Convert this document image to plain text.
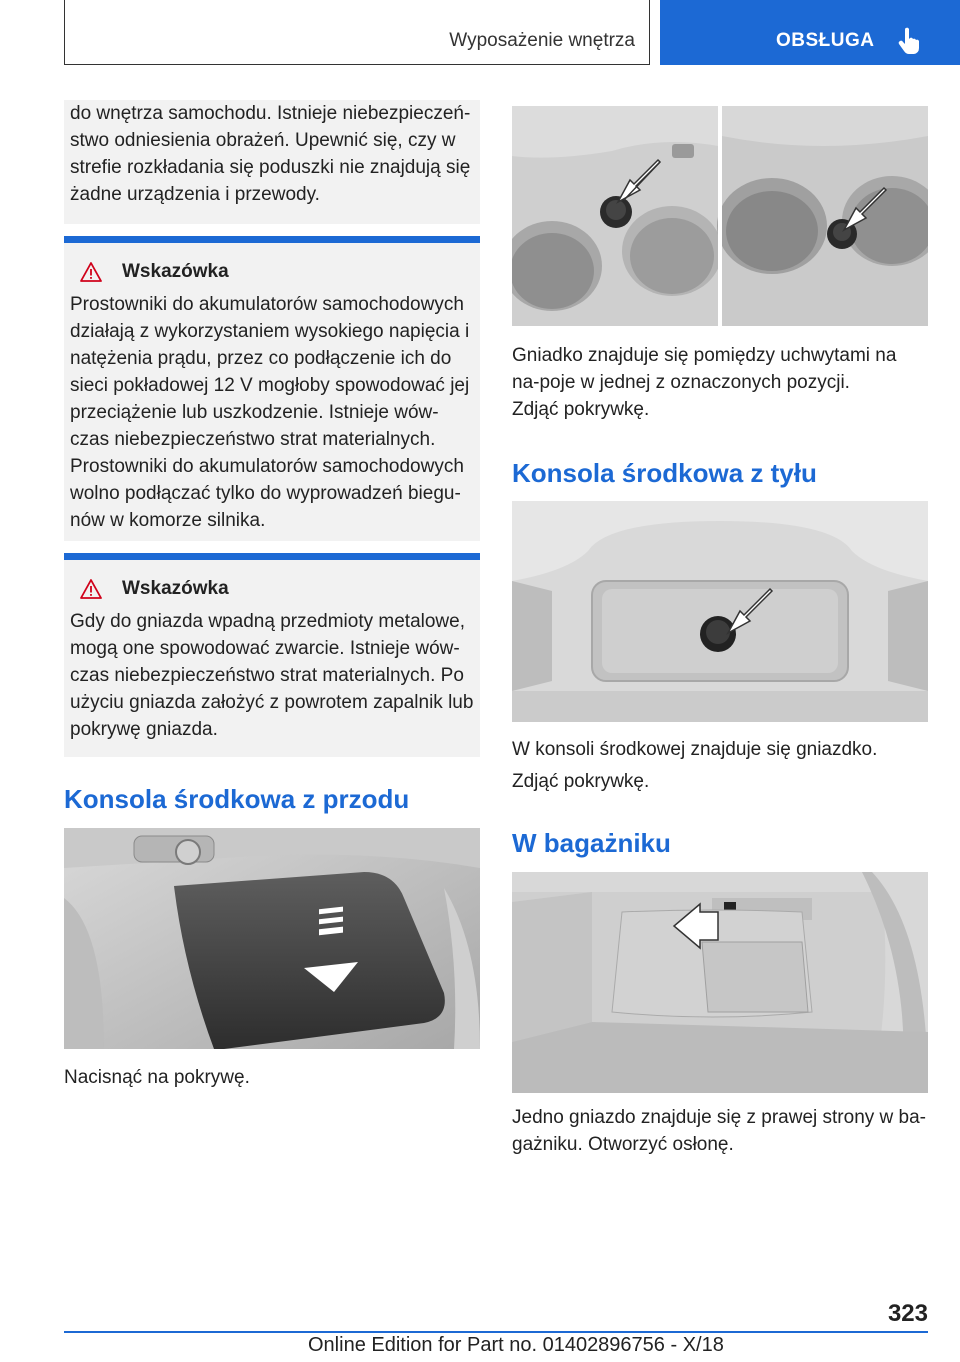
Wyposażenie wnętrza	OBSŁUGA
do wnętrza samochodu. Istnieje niebezpieczeń-stwo odniesienia obrażeń. Upewnić się, czy w strefie rozkładania się poduszki nie znajdują się żadne urządzenia i przewody.
Wskazówka
Prostowniki do akumulatorów samochodowych działają z wykorzystaniem wysokiego napięcia i natężenia prądu, przez co podłączenie ich do sieci pokładowej 12 V mogłoby spowodować jej przeciążenie lub uszkodzenie. Istnieje wów-czas niebezpieczeństwo strat materialnych. Prostowniki do akumulatorów samochodowych wolno podłączać tylko do wyprowadzeń biegu-nów w komorze silnika.
Wskazówka
Gdy do gniazda wpadną przedmioty metalowe, mogą one spowodować zwarcie. Istnieje wów-czas niebezpieczeństwo strat materialnych. Po użyciu gniazda założyć z powrotem zapalnik lub pokrywę gniazda.
Konsola środkowa z przodu
Nacisnąć na pokrywę.
Gniadko znajduje się pomiędzy uchwytami na na-poje w jednej z oznaczonych pozycji.
Zdjąć pokrywkę.
Konsola środkowa z tyłu
W konsoli środkowej znajduje się gniazdko.
Zdjąć pokrywkę.
W bagażniku
Jedno gniazdo znajduje się z prawej strony w ba-gażniku. Otworzyć osłonę.
323
Online Edition for Part no. 01402896756 - X/18
